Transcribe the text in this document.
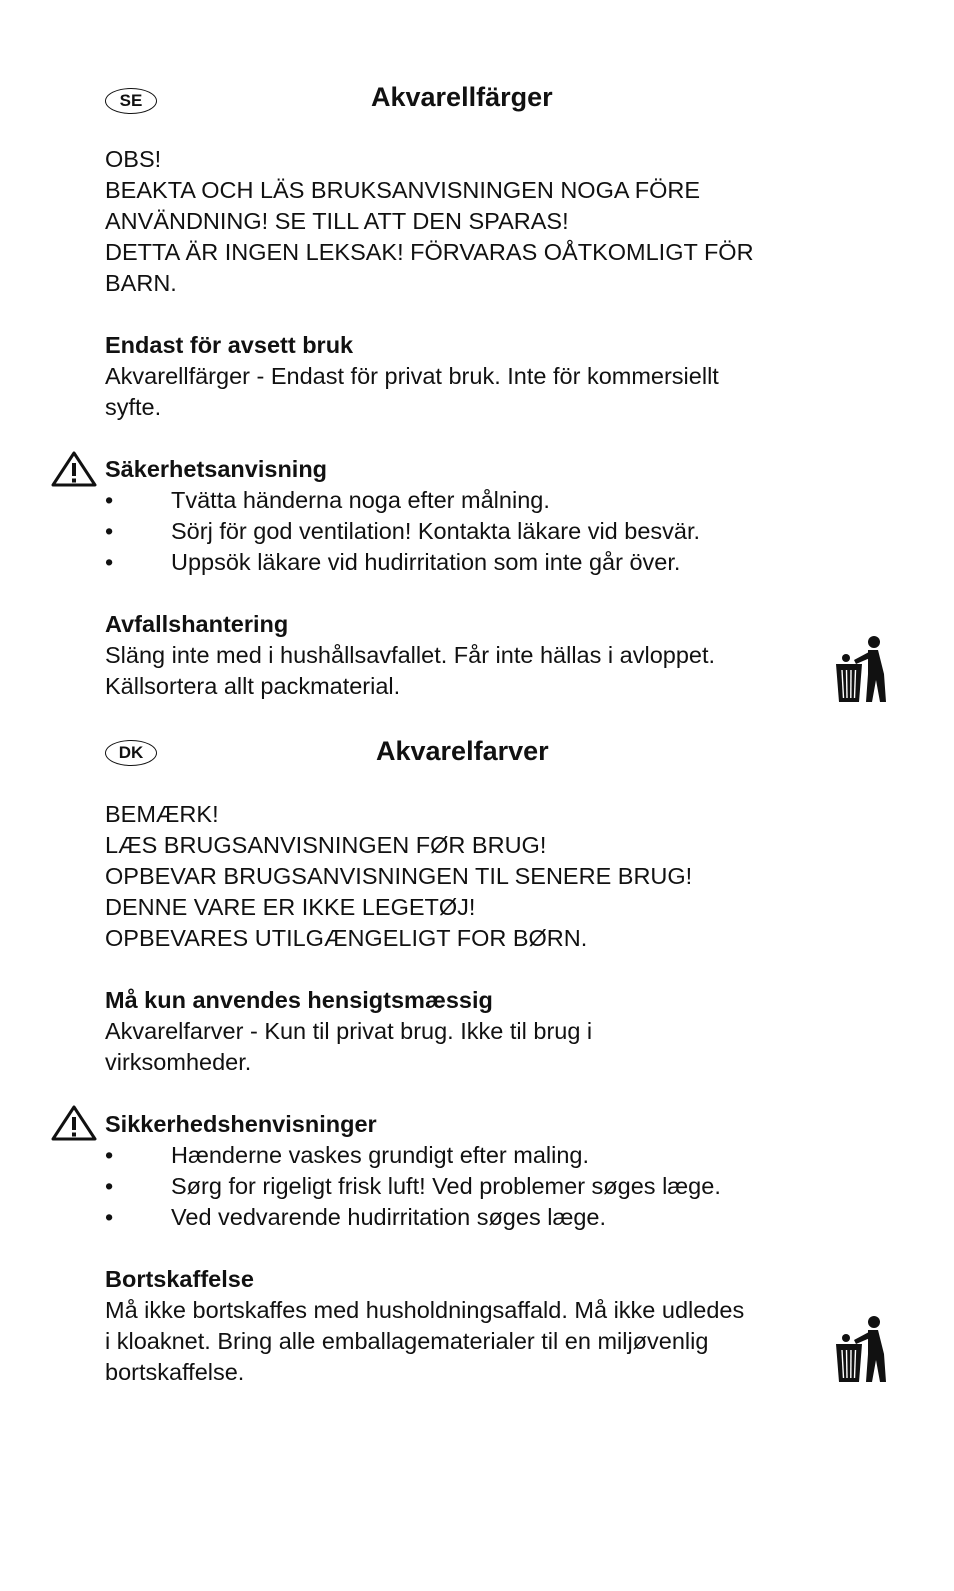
SE	Akvarellfärger
OBS!
BEAKTA OCH LÄS BRUKSANVISNINGEN NOGA FÖRE
ANVÄNDNING! SE TILL ATT DEN SPARAS!
DETTA ÄR INGEN LEKSAK! FÖRVARAS OÅTKOMLIGT FÖR
BARN.
Endast för avsett bruk
Akvarellfärger - Endast för privat bruk. Inte för kommersiellt
syfte.
Säkerhetsanvisning
• Tvätta händerna noga efter målning.
• Sörj för god ventilation! Kontakta läkare vid besvär.
• Uppsök läkare vid hudirritation som inte går över.
Avfallshantering
Släng inte med i hushållsavfallet. Får inte hällas i avloppet.
Källsortera allt packmaterial.
DK	Akvarelfarver
BEMÆRK!
LÆS BRUGSANVISNINGEN FØR BRUG!
OPBEVAR BRUGSANVISNINGEN TIL SENERE BRUG!
DENNE VARE ER IKKE LEGETØJ!
OPBEVARES UTILGÆNGELIGT FOR BØRN.
Må kun anvendes hensigtsmæssig
Akvarelfarver - Kun til privat brug. Ikke til brug i
virksomheder.
Sikkerhedshenvisninger
• Hænderne vaskes grundigt efter maling.
• Sørg for rigeligt frisk luft! Ved problemer søges læge.
• Ved vedvarende hudirritation søges læge.
Bortskaffelse
Må ikke bortskaffes med husholdningsaffald. Må ikke udledes
i kloaknet. Bring alle emballagematerialer til en miljøvenlig
bortskaffelse.
